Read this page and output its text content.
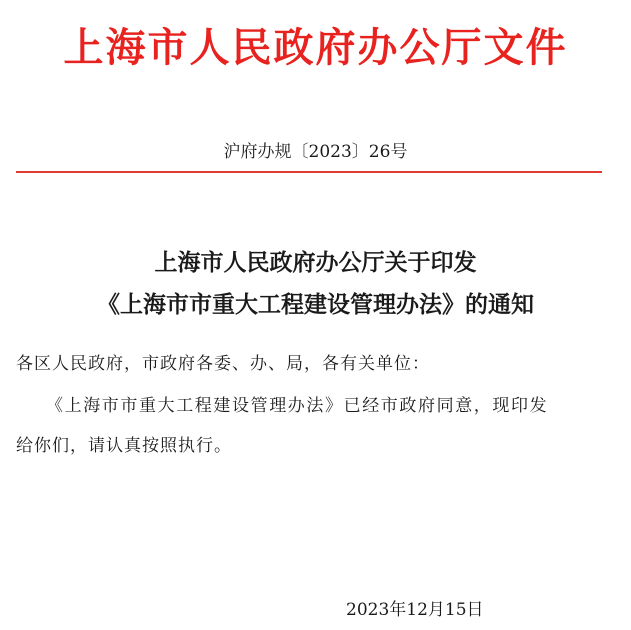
上海市人民政府办公厅文件
沪府办规〔2023〕26号
上海市人民政府办公厅关于印发
《上海市市重大工程建设管理办法》的通知
各区人民政府，市政府各委、办、局，各有关单位：
《上海市市重大工程建设管理办法》已经市政府同意，现印发
给你们，请认真按照执行。
2023年12月15日
